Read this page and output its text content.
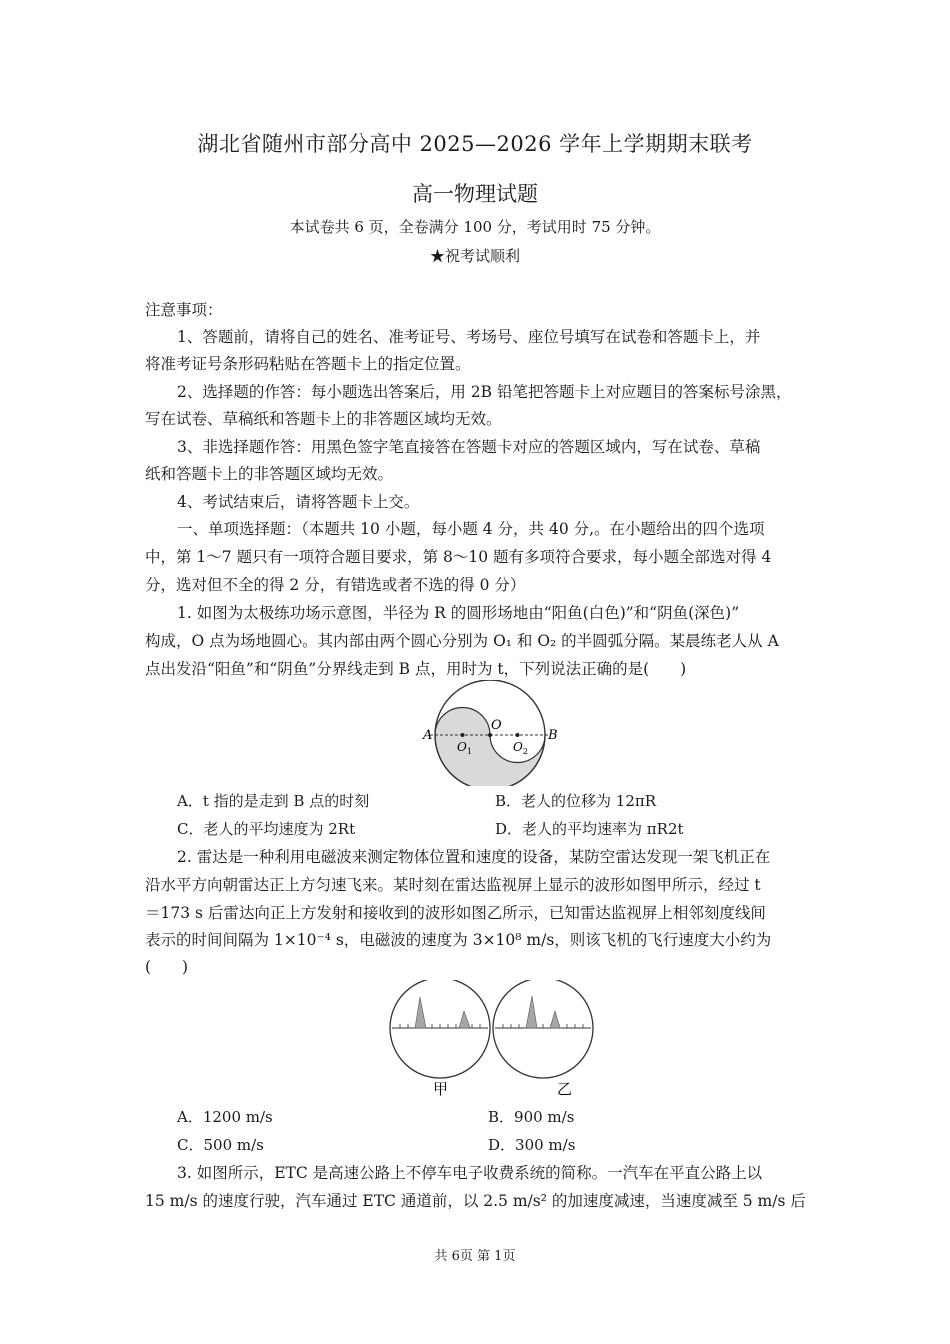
湖北省随州市部分高中 2025—2026 学年上学期期末联考
高一物理试题
本试卷共 6 页，全卷满分 100 分，考试用时 75 分钟。
★祝考试顺利
注意事项：
1、答题前，请将自己的姓名、准考证号、考场号、座位号填写在试卷和答题卡上，并
将准考证号条形码粘贴在答题卡上的指定位置。
2、选择题的作答：每小题选出答案后，用 2B 铅笔把答题卡上对应题目的答案标号涂黑，
写在试卷、草稿纸和答题卡上的非答题区域均无效。
3、非选择题作答：用黑色签字笔直接答在答题卡对应的答题区域内，写在试卷、草稿
纸和答题卡上的非答题区域均无效。
4、考试结束后，请将答题卡上交。
一、单项选择题：（本题共 10 小题，每小题 4 分，共 40 分,。在小题给出的四个选项
中，第 1～7 题只有一项符合题目要求，第 8～10 题有多项符合要求，每小题全部选对得 4
分，选对但不全的得 2 分，有错选或者不选的得 0 分）
1. 如图为太极练功场示意图，半径为 R 的圆形场地由“阳鱼(白色)”和“阴鱼(深色)”
构成，O 点为场地圆心。其内部由两个圆心分别为 O₁ 和 O₂ 的半圆弧分隔。某晨练老人从 A
点出发沿“阳鱼”和“阴鱼”分界线走到 B 点，用时为 t，下列说法正确的是(　　)
A	B
O
$O_1$	$O_2$
A．t 指的是走到 B 点的时刻	B．老人的位移为 12πR
C．老人的平均速度为 2Rt	D．老人的平均速率为 πR2t
2. 雷达是一种利用电磁波来测定物体位置和速度的设备，某防空雷达发现一架飞机正在
沿水平方向朝雷达正上方匀速飞来。某时刻在雷达监视屏上显示的波形如图甲所示，经过 t
＝173 s 后雷达向正上方发射和接收到的波形如图乙所示，已知雷达监视屏上相邻刻度线间
表示的时间间隔为 1×10⁻⁴ s，电磁波的速度为 3×10⁸ m/s，则该飞机的飞行速度大小约为
(　　)
甲	乙
A．1200 m/s	B．900 m/s
C．500 m/s	D．300 m/s
3. 如图所示，ETC 是高速公路上不停车电子收费系统的简称。一汽车在平直公路上以
15 m/s 的速度行驶，汽车通过 ETC 通道前，以 2.5 m/s² 的加速度减速，当速度减至 5 m/s 后
共 6页 第 1页
